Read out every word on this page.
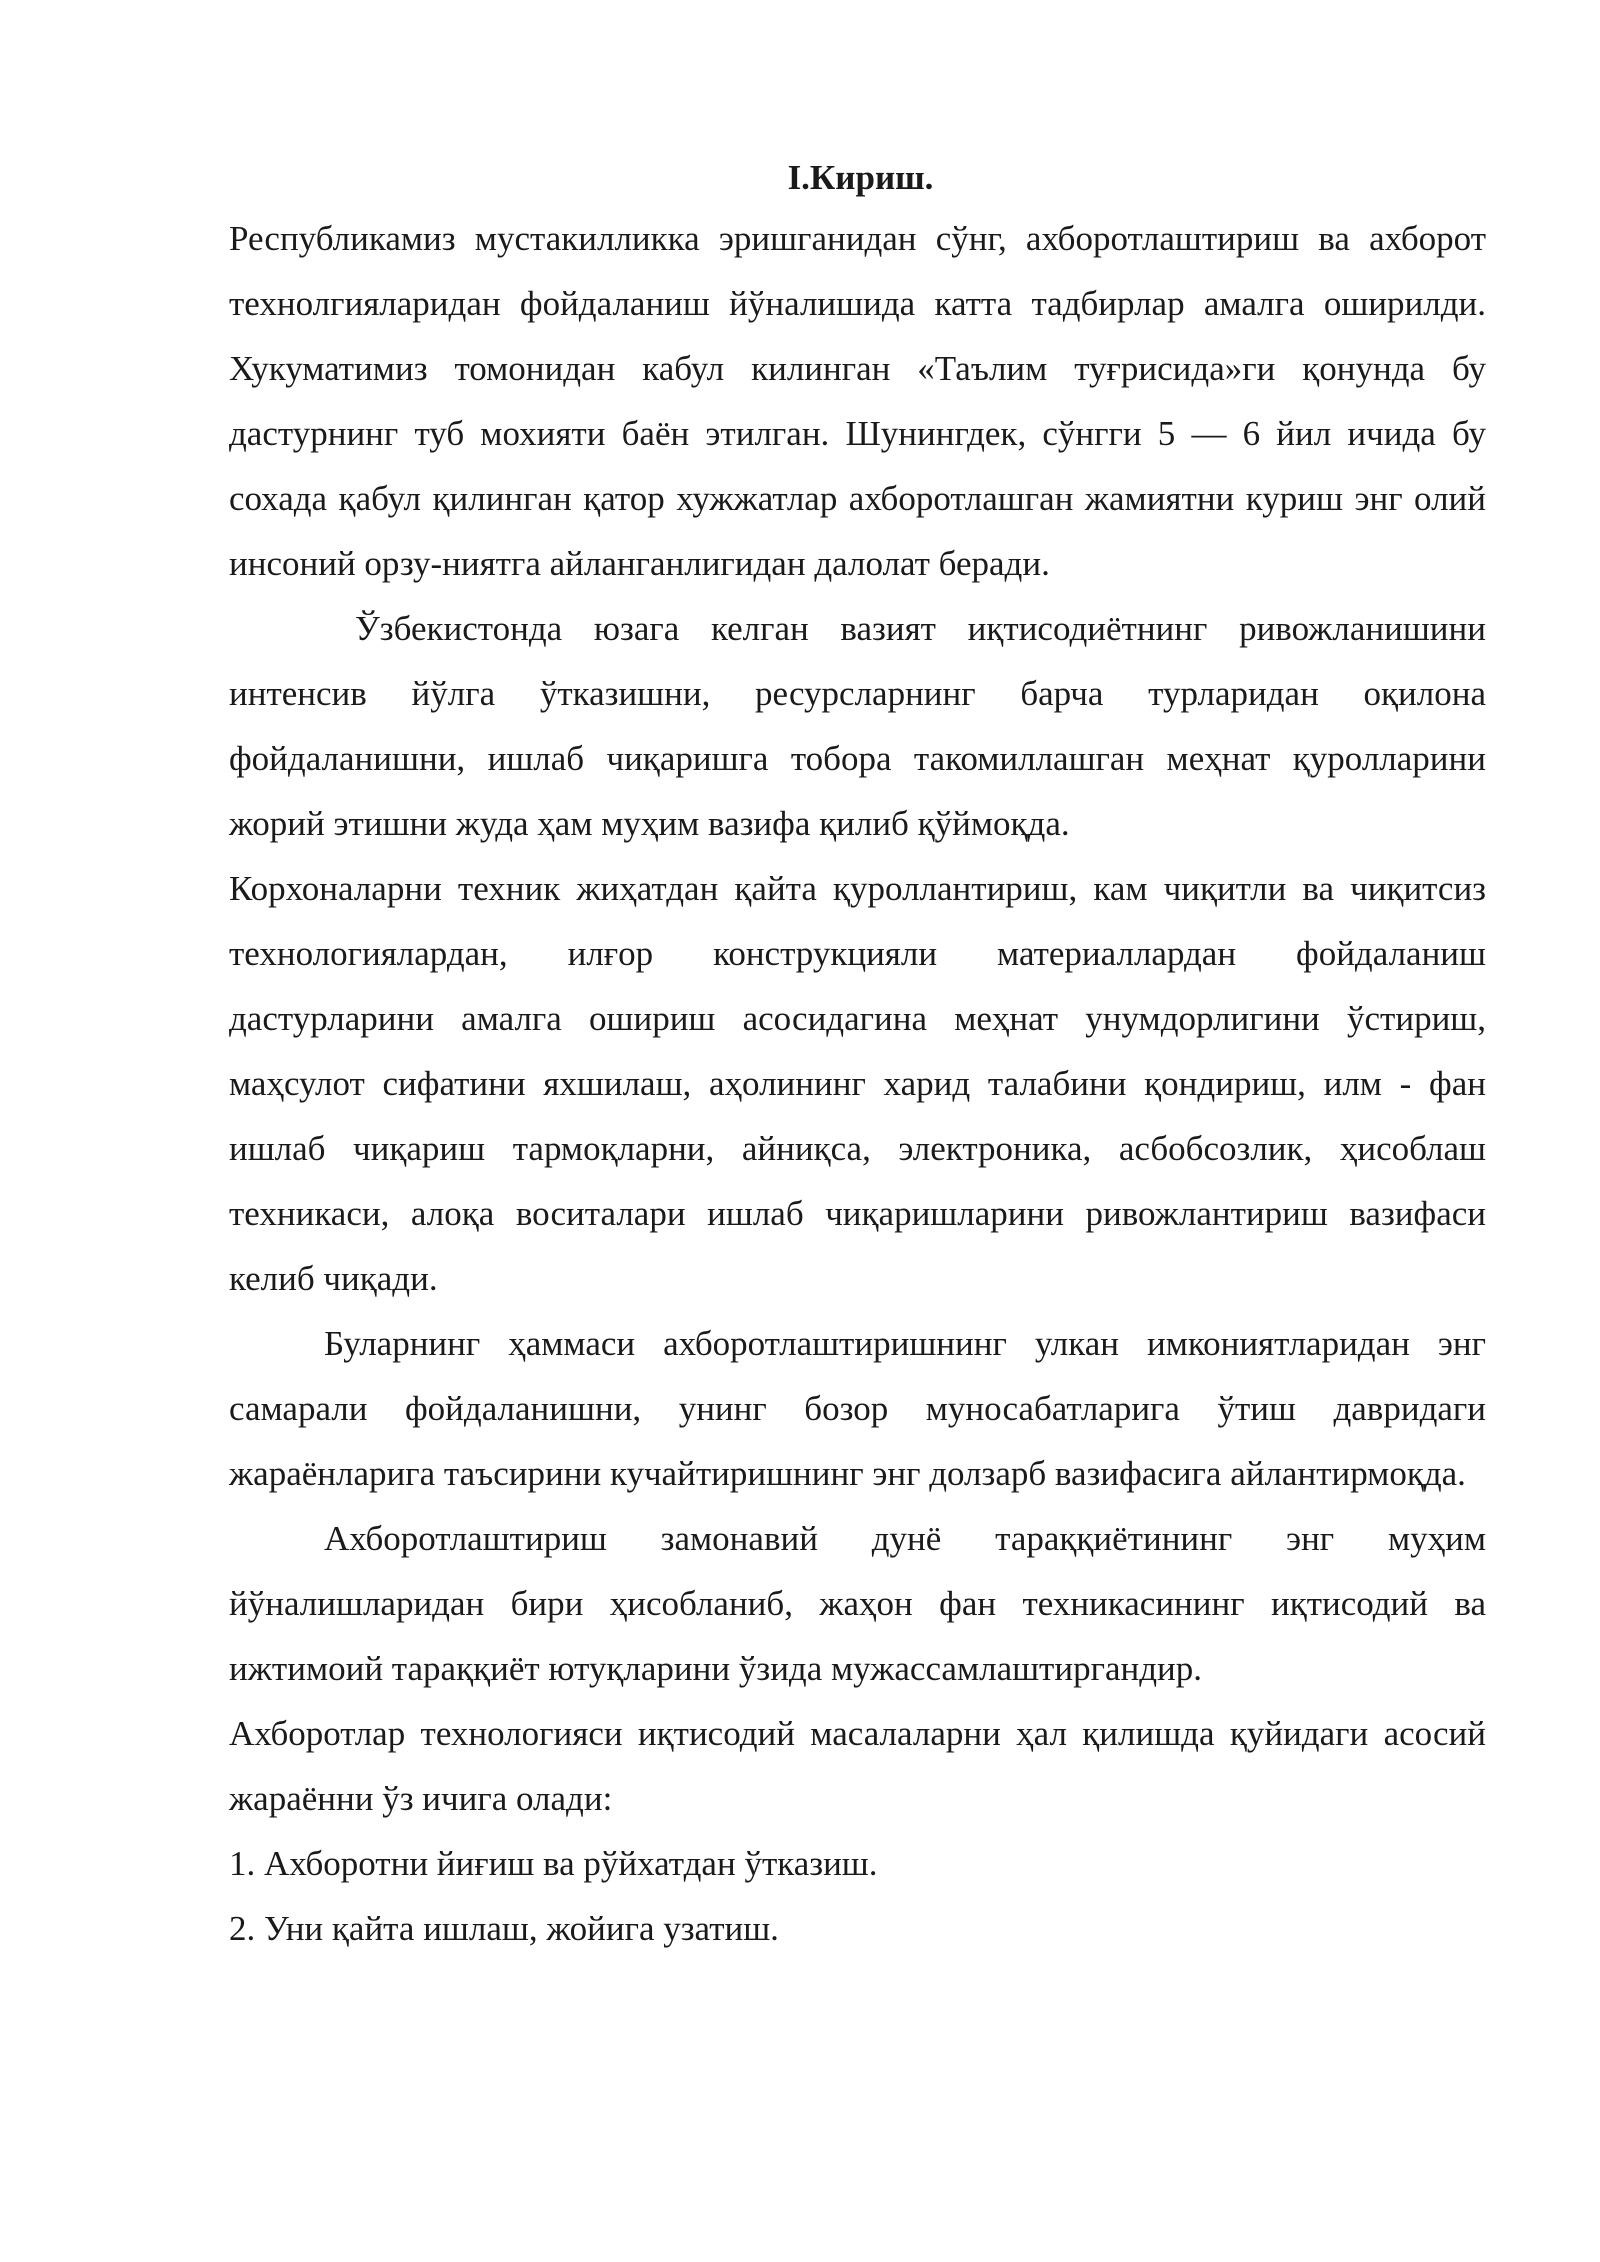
I.Кириш.

Республикамиз мустакилликка эришганидан сўнг, ахборотлаштириш ва ахборот технолгияларидан фойдаланиш йўналишида катта тадбирлар амалга оширилди. Хукуматимиз томонидан кабул килинган «Таълим туғрисида»ги қонунда бу дастурнинг туб мохияти баён этилган. Шунингдек, сўнгги 5 — 6 йил ичида бу сохада қабул қилинган қатор хужжатлар ахборотлашган жамиятни куриш энг олий инсоний орзу-ниятга айланганлигидан далолат беради.

Ўзбекистонда юзага келган вазият иқтисодиётнинг ривожланишини интенсив йўлга ўтказишни, ресурсларнинг барча турларидан оқилона фойдаланишни, ишлаб чиқаришга тобора такомиллашган меҳнат қуролларини жорий этишни жуда ҳам муҳим вазифа қилиб қўймоқда.

Корхоналарни техник жиҳатдан қайта қуроллантириш, кам чиқитли ва чиқитсиз технологиялардан, илғор конструкцияли материаллардан фойдаланиш дастурларини амалга ошириш асосидагина меҳнат унумдорлигини ўстириш, маҳсулот сифатини яхшилаш, аҳолининг харид талабини қондириш, илм - фан ишлаб чиқариш тармоқларни, айниқса, электроника, асбобсозлик, ҳисоблаш техникаси, алоқа воситалари ишлаб чиқаришларини ривожлантириш вазифаси келиб чиқади.

Буларнинг ҳаммаси ахборотлаштиришнинг улкан имкониятларидан энг самарали фойдаланишни, унинг бозор муносабатларига ўтиш давридаги жараёнларига таъсирини кучайтиришнинг энг долзарб вазифасига айлантирмоқда.

Ахборотлаштириш замонавий дунё тараққиётининг энг муҳим йўналишларидан бири ҳисобланиб, жаҳон фан техникасининг иқтисодий ва ижтимоий тараққиёт ютуқларини ўзида мужассамлаштиргандир.

Ахборотлар технологияси иқтисодий масалаларни ҳал қилишда қуйидаги асосий жараённи ўз ичига олади:

1. Ахборотни йиғиш ва рўйхатдан ўтказиш.

2. Уни қайта ишлаш, жойига узатиш.
